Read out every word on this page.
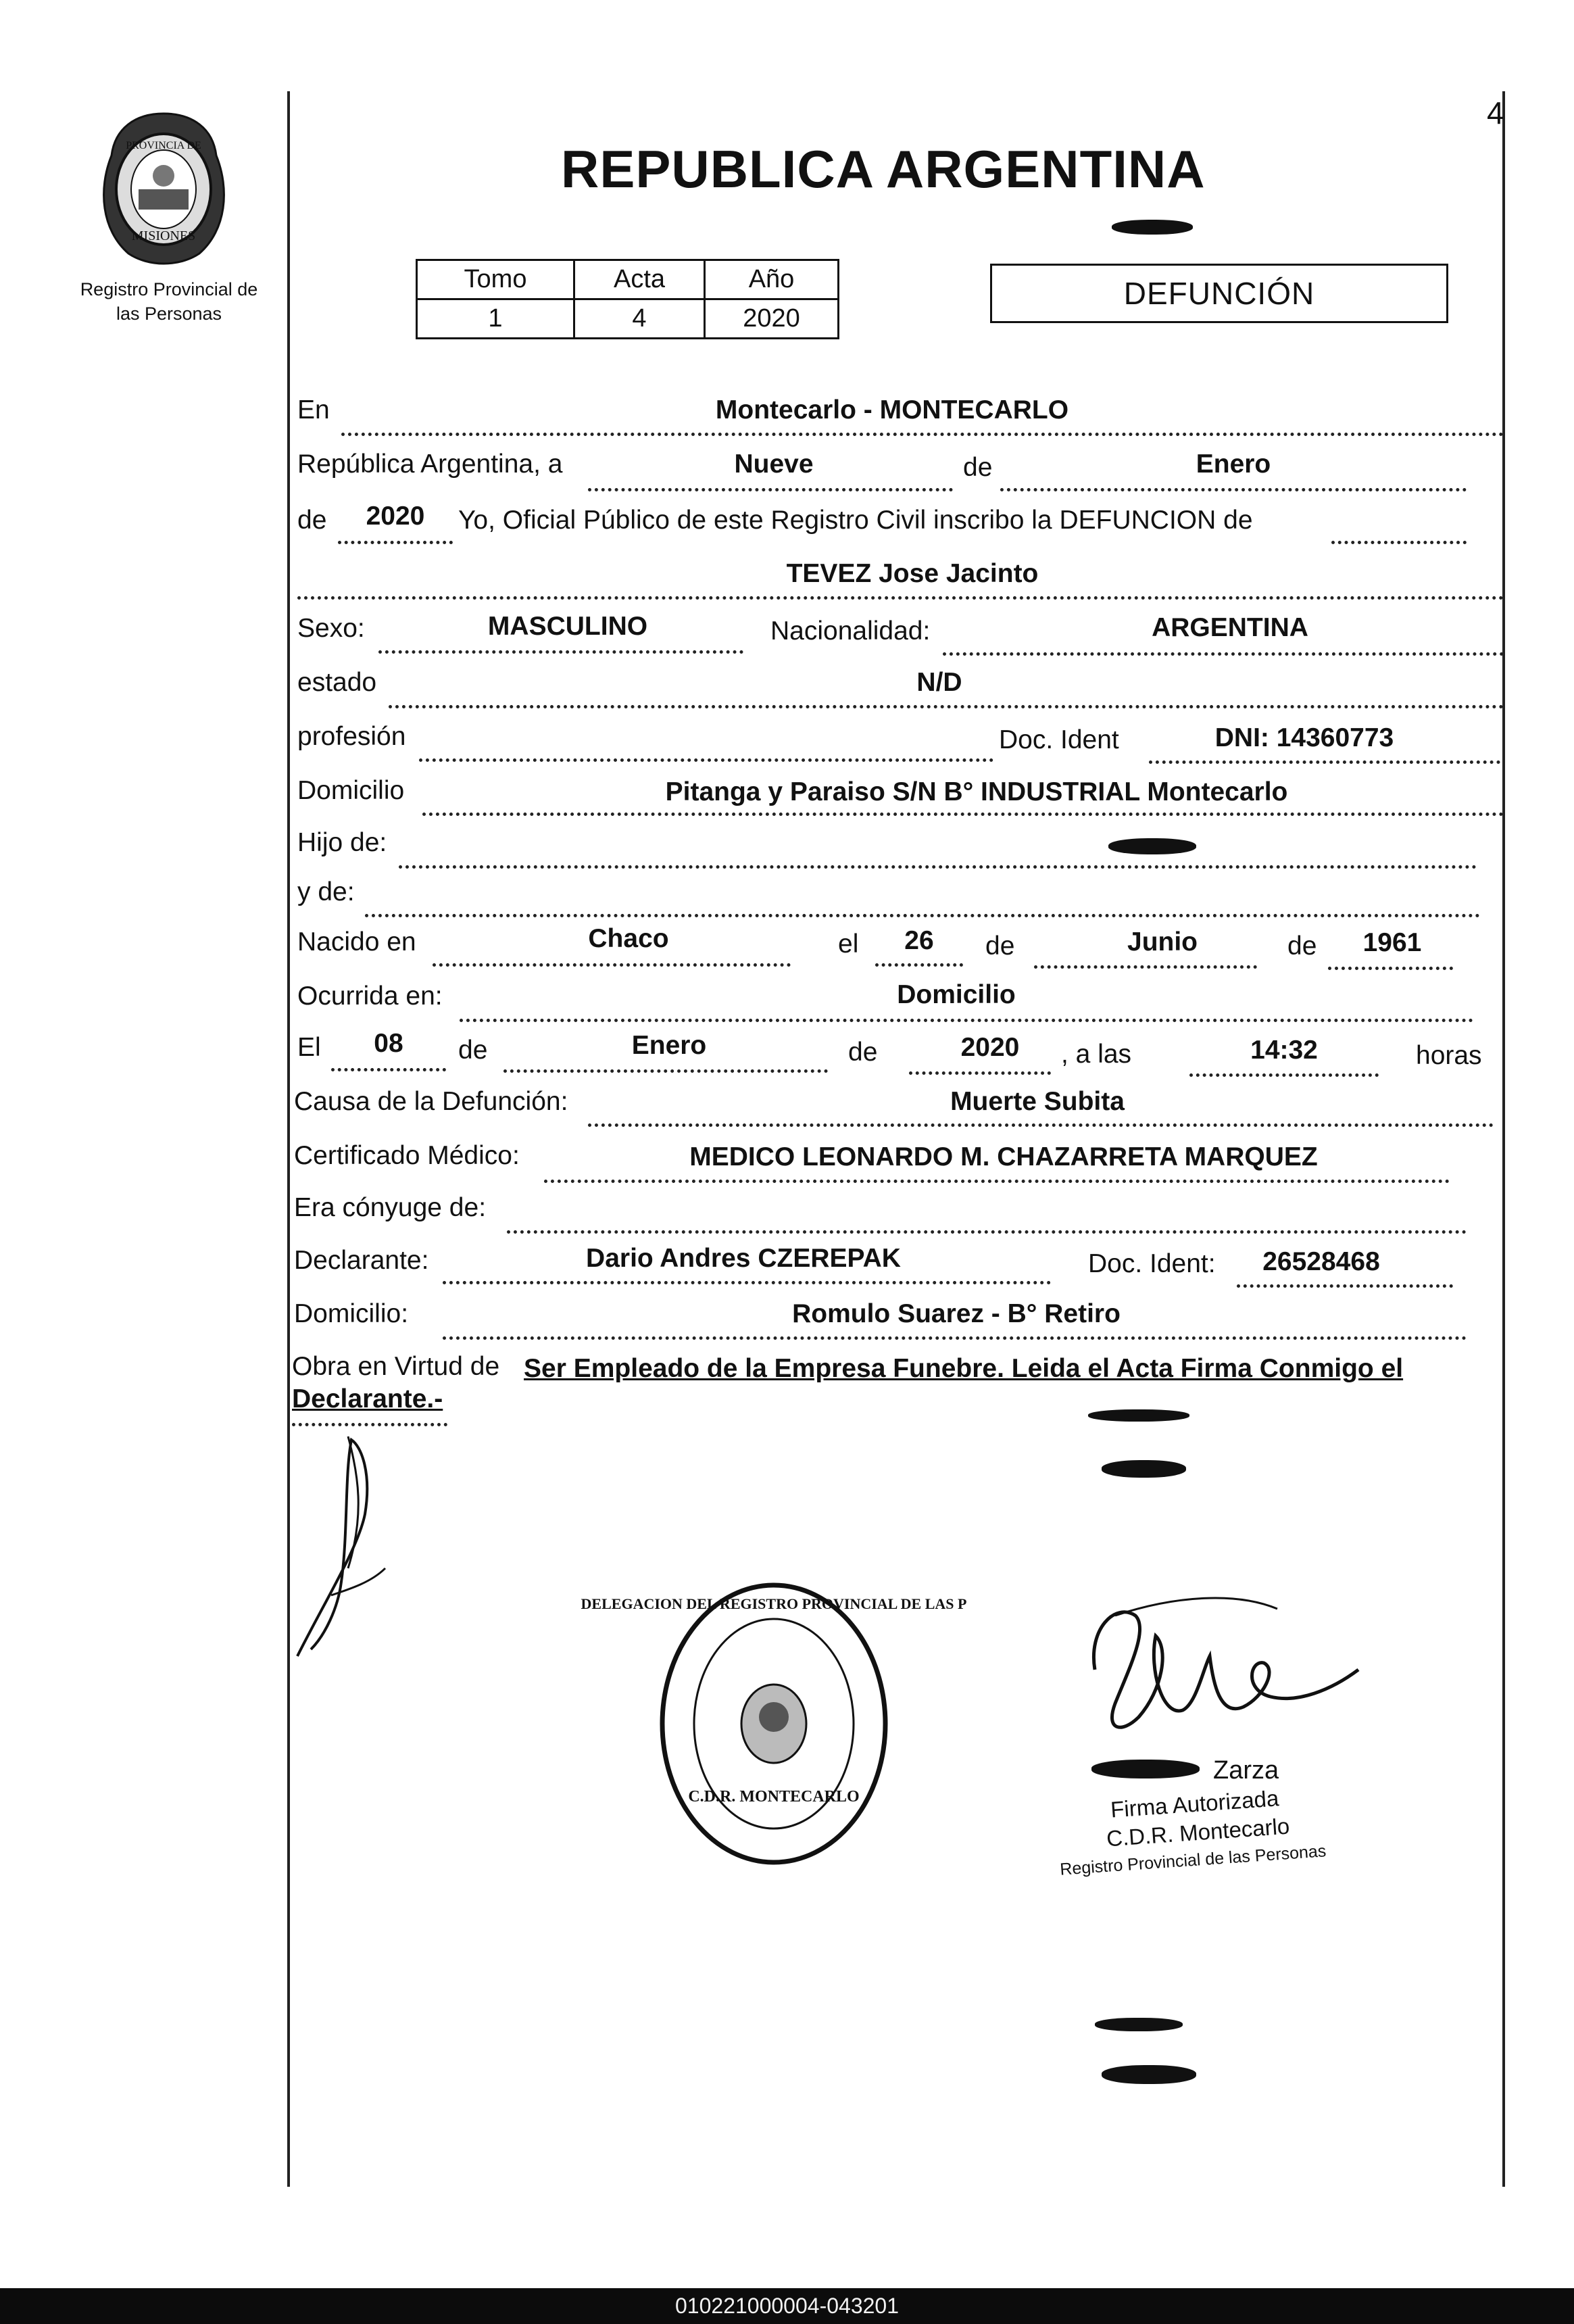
4
PROVINCIA DE
MISIONES
Registro Provincial de
las Personas
REPUBLICA ARGENTINA
Tomo	Acta	Año
1	4	2020
DEFUNCIÓN
En	Montecarlo - MONTECARLO
República Argentina, a	Nueve	de	Enero
de	2020	Yo, Oficial Público de este Registro Civil inscribo la DEFUNCION de
TEVEZ Jose Jacinto
Sexo:	MASCULINO	Nacionalidad:	ARGENTINA
estado	N/D
profesión	Doc. Ident	DNI: 14360773
Domicilio	Pitanga y Paraiso S/N B° INDUSTRIAL Montecarlo
Hijo de:
y de:
Nacido en	Chaco	el	26	de	Junio	de	1961
Ocurrida en:	Domicilio
El	08	de	Enero	de	2020	, a las	14:32	horas
Causa de la Defunción:	Muerte Subita
Certificado Médico:	MEDICO LEONARDO M. CHAZARRETA MARQUEZ
Era cónyuge de:
Declarante:	Dario Andres CZEREPAK	Doc. Ident:	26528468
Domicilio:	Romulo Suarez - B° Retiro
Obra en Virtud de Ser Empleado de la Empresa Funebre. Leida el Acta Firma Conmigo el
Declarante.-
DELEGACION DEL REGISTRO PROVINCIAL DE LAS P
C.D.R. MONTECARLO
Zarza
Firma Autorizada
C.D.R. Montecarlo
Registro Provincial de las Personas
010221000004-043201
